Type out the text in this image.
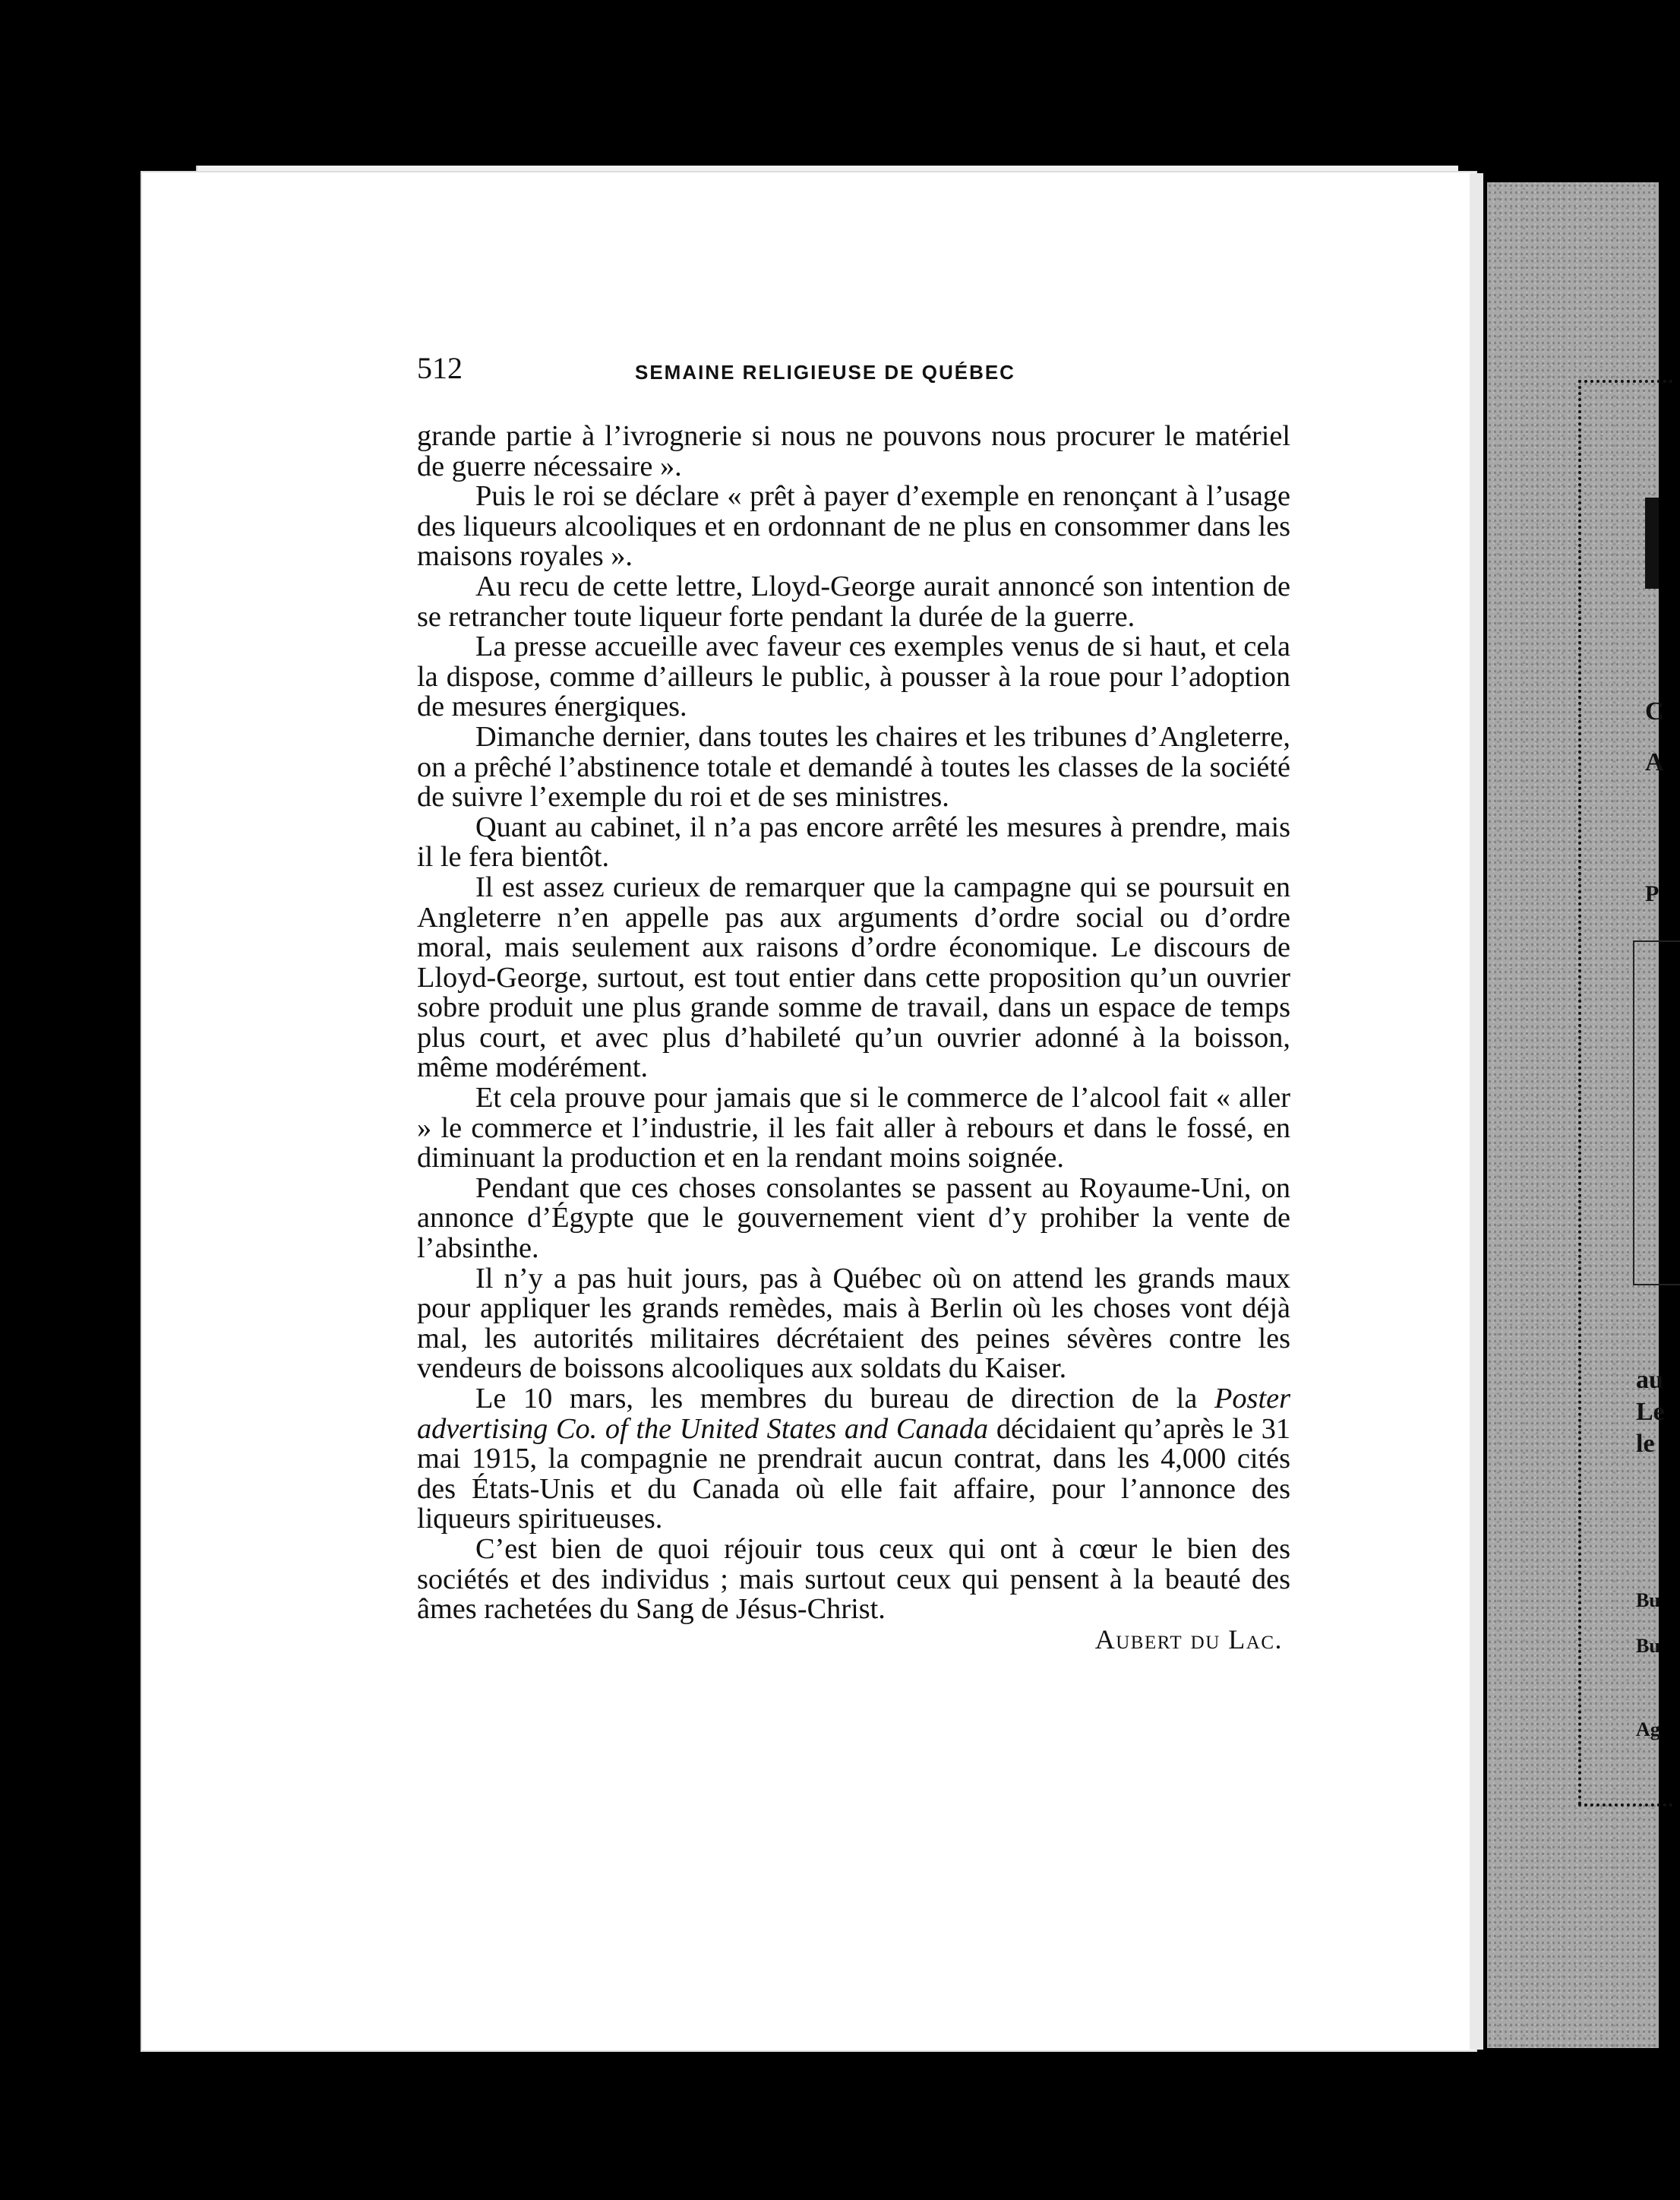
C
A
P
au
Le
le
Bu
Bu
Ag
512	SEMAINE RELIGIEUSE DE QUÉBEC

grande partie à l’ivrognerie si nous ne pouvons nous procurer le matériel de guerre nécessaire ».

Puis le roi se déclare « prêt à payer d’exemple en renonçant à l’usage des liqueurs alcooliques et en ordonnant de ne plus en consommer dans les maisons royales ».

Au recu de cette lettre, Lloyd-George aurait annoncé son intention de se retrancher toute liqueur forte pendant la durée de la guerre.

La presse accueille avec faveur ces exemples venus de si haut, et cela la dispose, comme d’ailleurs le public, à pousser à la roue pour l’adoption de mesures énergiques.

Dimanche dernier, dans toutes les chaires et les tribunes d’Angleterre, on a prêché l’abstinence totale et demandé à toutes les classes de la société de suivre l’exemple du roi et de ses ministres.

Quant au cabinet, il n’a pas encore arrêté les mesures à prendre, mais il le fera bientôt.

Il est assez curieux de remarquer que la campagne qui se poursuit en Angleterre n’en appelle pas aux arguments d’ordre social ou d’ordre moral, mais seulement aux raisons d’ordre économique. Le discours de Lloyd-George, surtout, est tout entier dans cette proposition qu’un ouvrier sobre produit une plus grande somme de travail, dans un espace de temps plus court, et avec plus d’habileté qu’un ouvrier adonné à la boisson, même modérément.

Et cela prouve pour jamais que si le commerce de l’alcool fait « aller » le commerce et l’industrie, il les fait aller à rebours et dans le fossé, en diminuant la production et en la rendant moins soignée.

Pendant que ces choses consolantes se passent au Royaume-Uni, on annonce d’Égypte que le gouvernement vient d’y prohiber la vente de l’absinthe.

Il n’y a pas huit jours, pas à Québec où on attend les grands maux pour appliquer les grands remèdes, mais à Berlin où les choses vont déjà mal, les autorités militaires décrétaient des peines sévères contre les vendeurs de boissons alcooliques aux soldats du Kaiser.

Le 10 mars, les membres du bureau de direction de la Poster advertising Co. of the United States and Canada décidaient qu’après le 31 mai 1915, la compagnie ne prendrait aucun contrat, dans les 4,000 cités des États-Unis et du Canada où elle fait affaire, pour l’annonce des liqueurs spiritueuses.

C’est bien de quoi réjouir tous ceux qui ont à cœur le bien des sociétés et des individus ; mais surtout ceux qui pensent à la beauté des âmes rachetées du Sang de Jésus-Christ.

Aubert du Lac.
